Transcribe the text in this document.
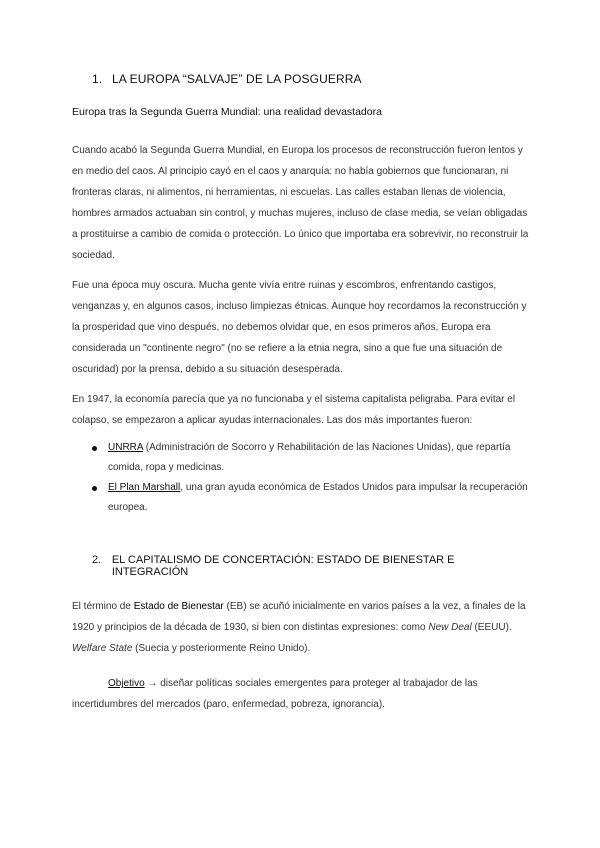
1. LA EUROPA “SALVAJE” DE LA POSGUERRA
Europa tras la Segunda Guerra Mundial: una realidad devastadora

Cuando acabó la Segunda Guerra Mundial, en Europa los procesos de reconstrucción fueron lentos y en medio del caos. Al principio cayó en el caos y anarquía: no había gobiernos que funcionaran, ni fronteras claras, ni alimentos, ni herramientas, ni escuelas. Las calles estaban llenas de violencia, hombres armados actuaban sin control, y muchas mujeres, incluso de clase media, se veían obligadas a prostituirse a cambio de comida o protección. Lo único que importaba era sobrevivir, no reconstruir la sociedad.

Fue una época muy oscura. Mucha gente vivía entre ruinas y escombros, enfrentando castigos, venganzas y, en algunos casos, incluso limpiezas étnicas. Aunque hoy recordamos la reconstrucción y la prosperidad que vino después, no debemos olvidar que, en esos primeros años, Europa era considerada un "continente negro" (no se refiere a la etnia negra, sino a que fue una situación de oscuridad) por la prensa, debido a su situación desesperada.

En 1947, la economía parecía que ya no funcionaba y el sistema capitalista peligraba. Para evitar el colapso, se empezaron a aplicar ayudas internacionales. Las dos más importantes fueron:

UNRRA (Administración de Socorro y Rehabilitación de las Naciones Unidas), que repartía comida, ropa y medicinas.
El Plan Marshall, una gran ayuda económica de Estados Unidos para impulsar la recuperación europea.
2. EL CAPITALISMO DE CONCERTACIÓN: ESTADO DE BIENESTAR E INTEGRACIÓN

El término de Estado de Bienestar (EB) se acuñó inicialmente en varios países a la vez, a finales de la 1920 y principios de la década de 1930, si bien con distintas expresiones: como New Deal (EEUU). Welfare State (Suecia y posteriormente Reino Unido).

Objetivo → diseñar políticas sociales emergentes para proteger al trabajador de las incertidumbres del mercados (paro, enfermedad, pobreza, ignorancia).
